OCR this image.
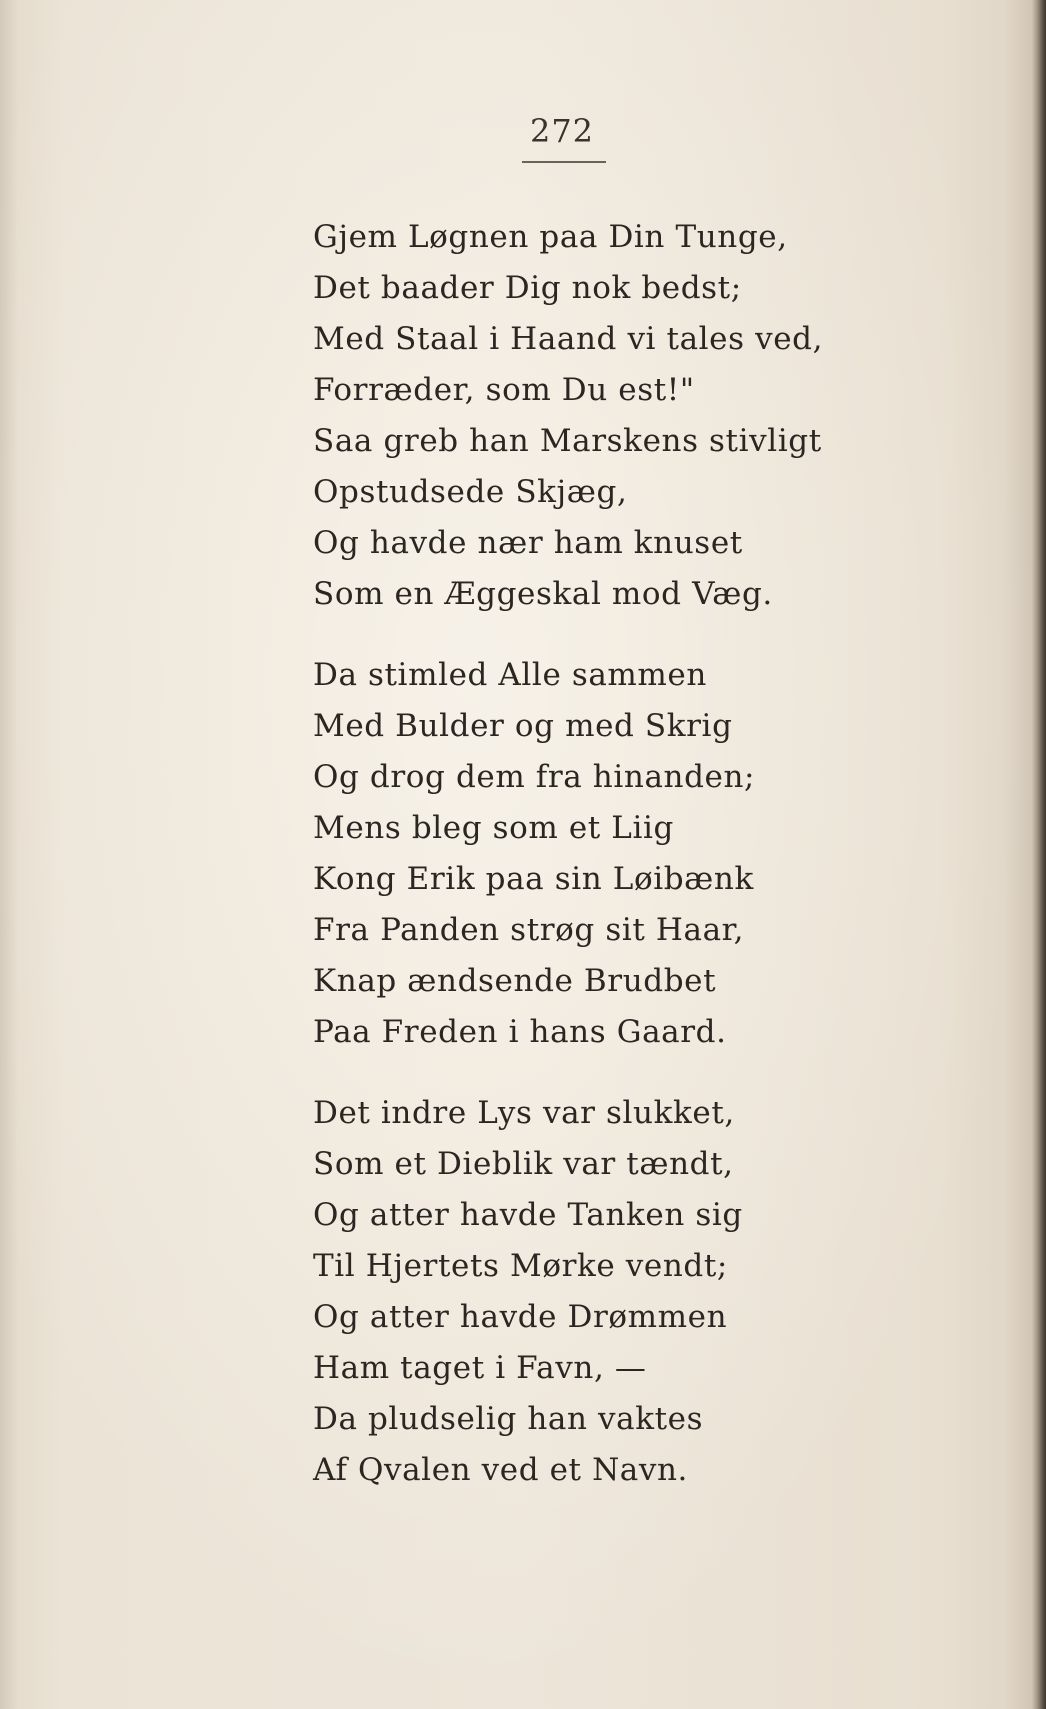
272
Gjem Løgnen paa Din Tunge,
Det baader Dig nok bedst;
Med Staal i Haand vi tales ved,
Forræder, som Du est!"
Saa greb han Marskens stivligt
Opstudsede Skjæg,
Og havde nær ham knuset
Som en Æggeskal mod Væg.
Da stimled Alle sammen
Med Bulder og med Skrig
Og drog dem fra hinanden;
Mens bleg som et Liig
Kong Erik paa sin Løibænk
Fra Panden strøg sit Haar,
Knap ændsende Brudbet
Paa Freden i hans Gaard.
Det indre Lys var slukket,
Som et Dieblik var tændt,
Og atter havde Tanken sig
Til Hjertets Mørke vendt;
Og atter havde Drømmen
Ham taget i Favn, —
Da pludselig han vaktes
Af Qvalen ved et Navn.
